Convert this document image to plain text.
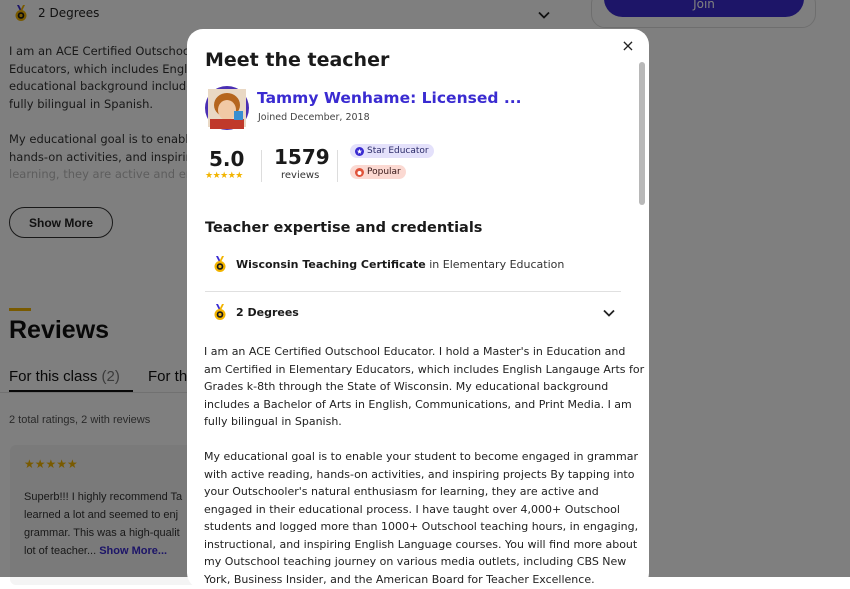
×
Meet the teacher
Tammy Wenhame: Licensed ...
Joined December, 2018
5.0
★★★★★
1579
reviews
Star Educator
Popular
Teacher expertise and credentials
Wisconsin Teaching Certificate in Elementary Education
2 Degrees
I am an ACE Certified Outschool Educator. I hold a Master's in Education and
am Certified in Elementary Educators, which includes English Langauge Arts for
Grades k-8th through the State of Wisconsin. My educational background
includes a Bachelor of Arts in English, Communications, and Print Media. I am
fully bilingual in Spanish.
My educational goal is to enable your student to become engaged in grammar
with active reading, hands-on activities, and inspiring projects By tapping into
your Outschooler's natural enthusiasm for learning, they are active and
engaged in their educational process. I have taught over 4,000+ Outschool
students and logged more than 1000+ Outschool teaching hours, in engaging,
instructional, and inspiring English Language courses. You will find more about
my Outschool teaching journey on various media outlets, including CBS New
York, Business Insider, and the American Board for Teacher Excellence.
